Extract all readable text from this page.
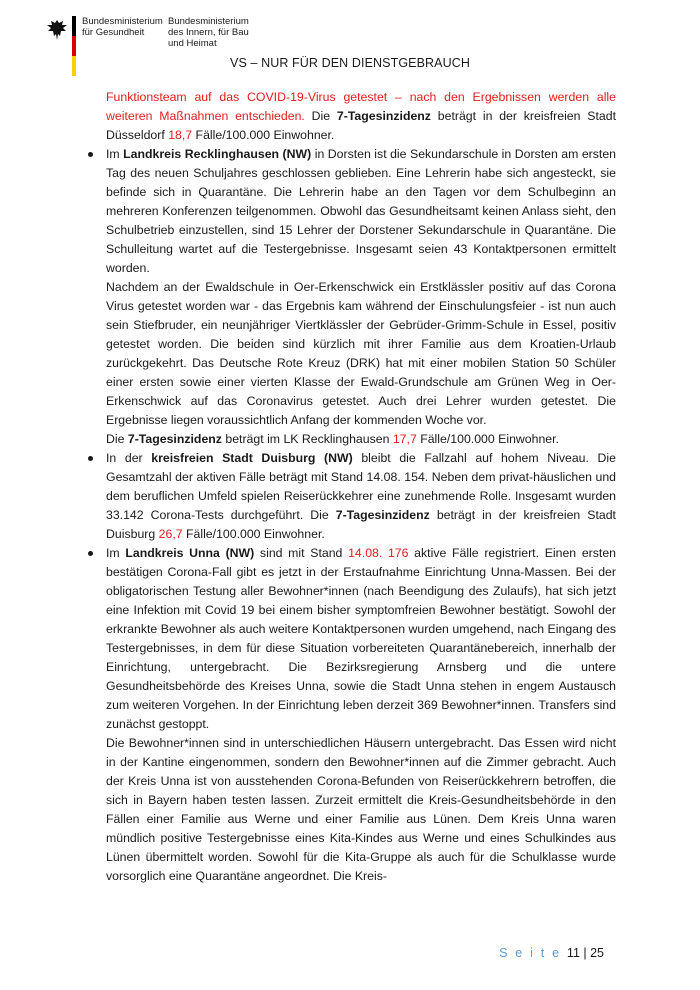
Bundesministerium
für Gesundheit
Bundesministerium
des Innern, für Bau
und Heimat
VS – NUR FÜR DEN DIENSTGEBRAUCH

Funktionsteam auf das COVID-19-Virus getestet – nach den Ergebnissen werden alle weiteren Maßnahmen entschieden. Die 7-Tagesinzidenz beträgt in der kreisfreien Stadt Düsseldorf 18,7 Fälle/100.000 Einwohner.

Im Landkreis Recklinghausen (NW) in Dorsten ist die Sekundarschule in Dorsten am ersten Tag des neuen Schuljahres geschlossen geblieben. Eine Lehrerin habe sich angesteckt, sie befinde sich in Quarantäne. Die Lehrerin habe an den Tagen vor dem Schulbeginn an mehreren Konferenzen teilgenommen. Obwohl das Gesundheitsamt keinen Anlass sieht, den Schulbetrieb einzustellen, sind 15 Lehrer der Dorstener Sekundarschule in Quarantäne. Die Schulleitung wartet auf die Testergebnisse. Insgesamt seien 43 Kontaktpersonen ermittelt worden.

Nachdem an der Ewaldschule in Oer-Erkenschwick ein Erstklässler positiv auf das Corona Virus getestet worden war - das Ergebnis kam während der Einschulungsfeier - ist nun auch sein Stiefbruder, ein neunjähriger Viertklässler der Gebrüder-Grimm-Schule in Essel, positiv getestet worden. Die beiden sind kürzlich mit ihrer Familie aus dem Kroatien-Urlaub zurückgekehrt. Das Deutsche Rote Kreuz (DRK) hat mit einer mobilen Station 50 Schüler einer ersten sowie einer vierten Klasse der Ewald-Grundschule am Grünen Weg in Oer-Erkenschwick auf das Coronavirus getestet. Auch drei Lehrer wurden getestet. Die Ergebnisse liegen voraussichtlich Anfang der kommenden Woche vor.

Die 7-Tagesinzidenz beträgt im LK Recklinghausen 17,7 Fälle/100.000 Einwohner.

In der kreisfreien Stadt Duisburg (NW) bleibt die Fallzahl auf hohem Niveau. Die Gesamtzahl der aktiven Fälle beträgt mit Stand 14.08. 154. Neben dem privat-häuslichen und dem beruflichen Umfeld spielen Reiserückkehrer eine zunehmende Rolle. Insgesamt wurden 33.142 Corona-Tests durchgeführt. Die 7-Tagesinzidenz beträgt in der kreisfreien Stadt Duisburg 26,7 Fälle/100.000 Einwohner.

Im Landkreis Unna (NW) sind mit Stand 14.08. 176 aktive Fälle registriert. Einen ersten bestätigen Corona-Fall gibt es jetzt in der Erstaufnahme Einrichtung Unna-Massen. Bei der obligatorischen Testung aller Bewohner*innen (nach Beendigung des Zulaufs), hat sich jetzt eine Infektion mit Covid 19 bei einem bisher symptomfreien Bewohner bestätigt. Sowohl der erkrankte Bewohner als auch weitere Kontaktpersonen wurden umgehend, nach Eingang des Testergebnisses, in dem für diese Situation vorbereiteten Quarantänebereich, innerhalb der Einrichtung, untergebracht. Die Bezirksregierung Arnsberg und die untere Gesundheitsbehörde des Kreises Unna, sowie die Stadt Unna stehen in engem Austausch zum weiteren Vorgehen. In der Einrichtung leben derzeit 369 Bewohner*innen. Transfers sind zunächst gestoppt.

Die Bewohner*innen sind in unterschiedlichen Häusern untergebracht. Das Essen wird nicht in der Kantine eingenommen, sondern den Bewohner*innen auf die Zimmer gebracht. Auch der Kreis Unna ist von ausstehenden Corona-Befunden von Reiserückkehrern betroffen, die sich in Bayern haben testen lassen. Zurzeit ermittelt die Kreis-Gesundheitsbehörde in den Fällen einer Familie aus Werne und einer Familie aus Lünen. Dem Kreis Unna waren mündlich positive Testergebnisse eines Kita-Kindes aus Werne und eines Schulkindes aus Lünen übermittelt worden. Sowohl für die Kita-Gruppe als auch für die Schulklasse wurde vorsorglich eine Quarantäne angeordnet. Die Kreis-

S e i t e 11 | 25
